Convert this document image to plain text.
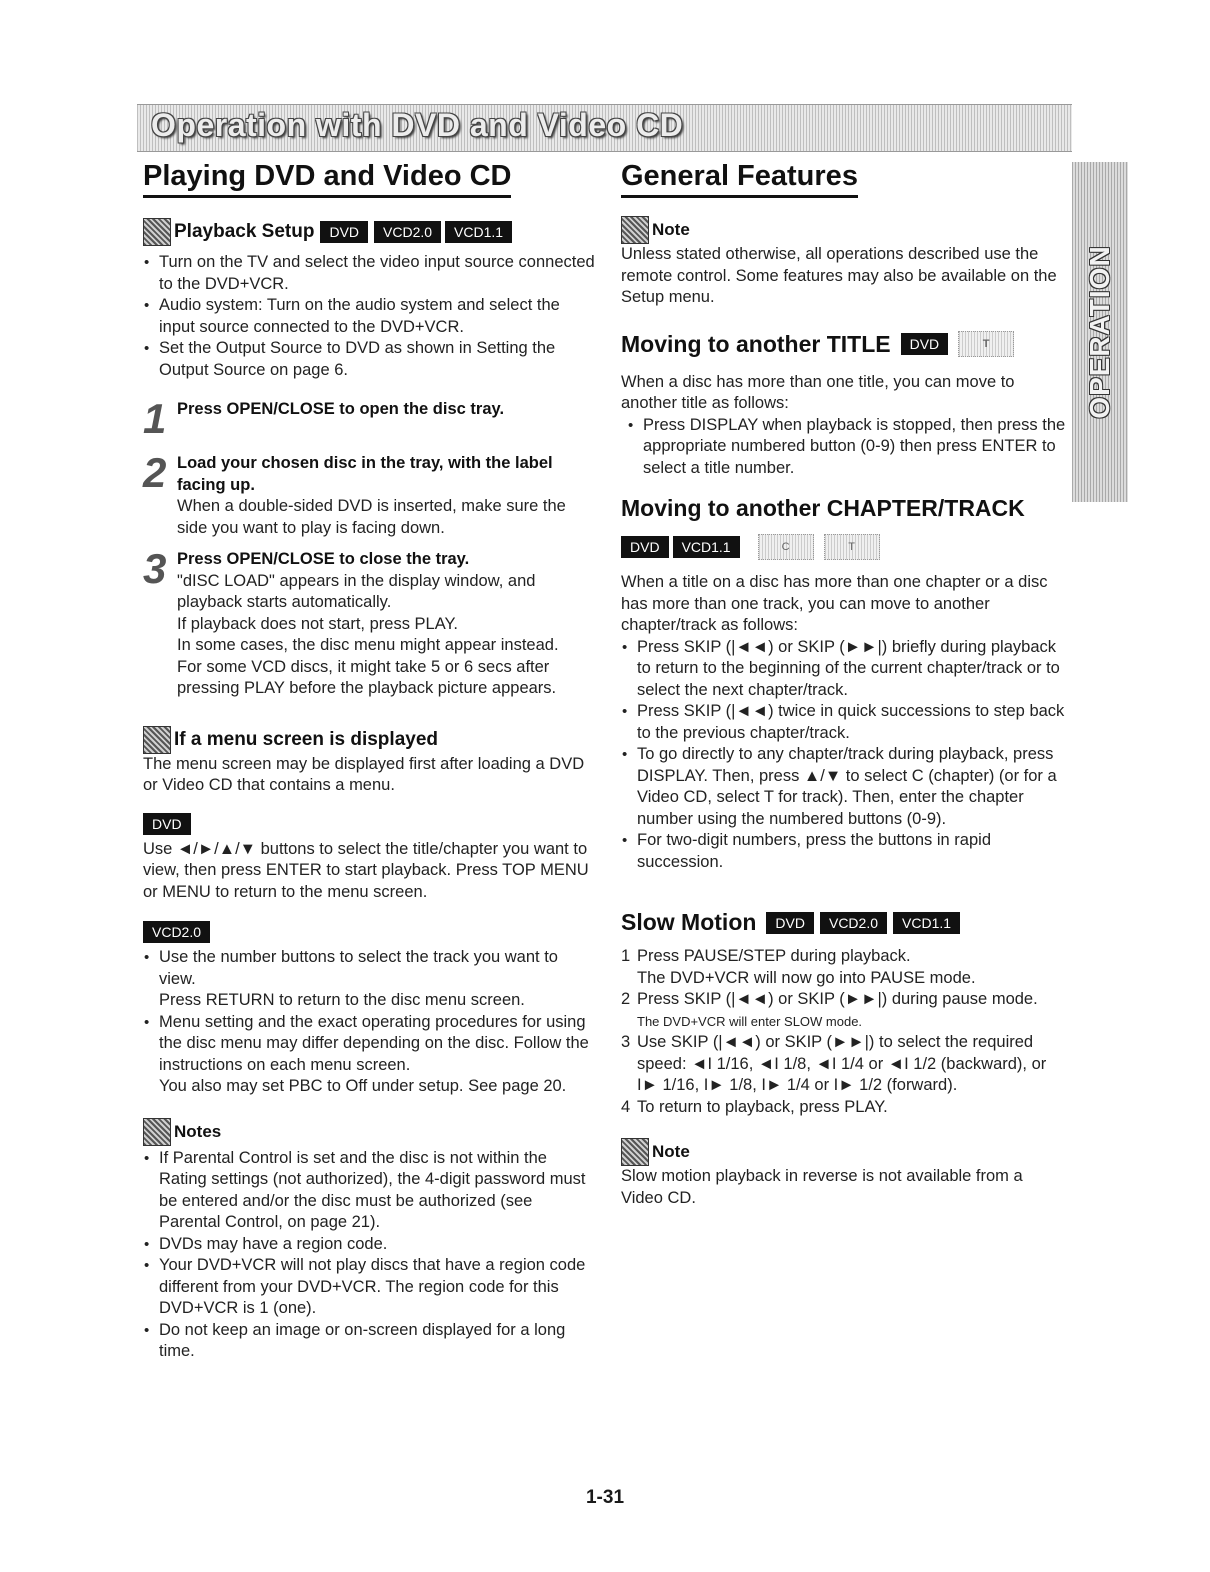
Operation with DVD and Video CD
OPERATION
Playing DVD and Video CD
Playback Setup	DVD	VCD2.0	VCD1.1
• Turn on the TV and select the video input source connected to the DVD+VCR.
• Audio system: Turn on the audio system and select the input source connected to the DVD+VCR.
• Set the Output Source to DVD as shown in Setting the Output Source on page 6.
1 Press OPEN/CLOSE to open the disc tray.
2 Load your chosen disc in the tray, with the label facing up.

When a double-sided DVD is inserted, make sure the side you want to play is facing down.

3 Press OPEN/CLOSE to close the tray.

"dISC LOAD" appears in the display window, and playback starts automatically.

If playback does not start, press PLAY.

In some cases, the disc menu might appear instead.

For some VCD discs, it might take 5 or 6 secs after pressing PLAY before the playback picture appears.

If a menu screen is displayed

The menu screen may be displayed first after loading a DVD or Video CD that contains a menu.

DVD

Use ◄/►/▲/▼ buttons to select the title/chapter you want to view, then press ENTER to start playback. Press TOP MENU or MENU to return to the menu screen.

VCD2.0
• Use the number buttons to select the track you want to view.
Press RETURN to return to the disc menu screen.
• Menu setting and the exact operating procedures for using the disc menu may differ depending on the disc. Follow the instructions on each menu screen.
You also may set PBC to Off under setup. See page 20.
Notes
• If Parental Control is set and the disc is not within the Rating settings (not authorized), the 4-digit password must be entered and/or the disc must be authorized (see Parental Control, on page 21).
• DVDs may have a region code.
• Your DVD+VCR will not play discs that have a region code different from your DVD+VCR. The region code for this DVD+VCR is 1 (one).
• Do not keep an image or on-screen displayed for a long time.
General Features
Note

Unless stated otherwise, all operations described use the remote control. Some features may also be available on the Setup menu.

Moving to another TITLE	DVD	T

When a disc has more than one title, you can move to another title as follows:

• Press DISPLAY when playback is stopped, then press the appropriate numbered button (0-9) then press ENTER to select a title number.
Moving to another CHAPTER/TRACK
DVD	VCD1.1	C	T

When a title on a disc has more than one chapter or a disc has more than one track, you can move to another chapter/track as follows:

• Press SKIP (|◄◄) or SKIP (►►|) briefly during playback to return to the beginning of the current chapter/track or to select the next chapter/track.
• Press SKIP (|◄◄) twice in quick successions to step back to the previous chapter/track.
• To go directly to any chapter/track during playback, press DISPLAY. Then, press ▲/▼ to select C (chapter) (or for a Video CD, select T for track). Then, enter the chapter number using the numbered buttons (0-9).
• For two-digit numbers, press the buttons in rapid succession.
Slow Motion	DVD	VCD2.0	VCD1.1
1 Press PAUSE/STEP during playback.
The DVD+VCR will now go into PAUSE mode.
2 Press SKIP (|◄◄) or SKIP (►►|) during pause mode.
The DVD+VCR will enter SLOW mode.
3 Use SKIP (|◄◄) or SKIP (►►|) to select the required speed: ◄I 1/16, ◄I 1/8, ◄I 1/4 or ◄I 1/2 (backward), or I► 1/16, I► 1/8, I► 1/4 or I► 1/2 (forward).
4 To return to playback, press PLAY.
Note

Slow motion playback in reverse is not available from a Video CD.

1-31
